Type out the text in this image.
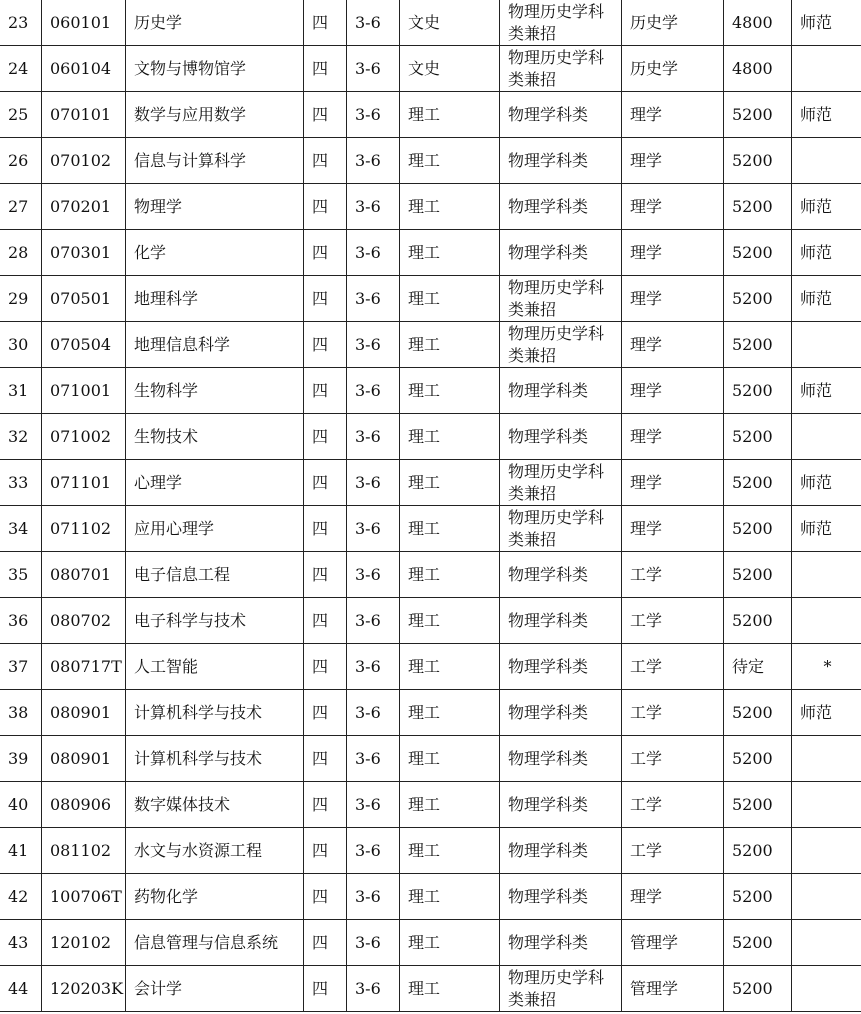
23	060101	历史学	四	3-6	文史	物理历史学科类兼招	历史学	4800	师范
24	060104	文物与博物馆学	四	3-6	文史	物理历史学科类兼招	历史学	4800	
25	070101	数学与应用数学	四	3-6	理工	物理学科类	理学	5200	师范
26	070102	信息与计算科学	四	3-6	理工	物理学科类	理学	5200	
27	070201	物理学	四	3-6	理工	物理学科类	理学	5200	师范
28	070301	化学	四	3-6	理工	物理学科类	理学	5200	师范
29	070501	地理科学	四	3-6	理工	物理历史学科类兼招	理学	5200	师范
30	070504	地理信息科学	四	3-6	理工	物理历史学科类兼招	理学	5200	
31	071001	生物科学	四	3-6	理工	物理学科类	理学	5200	师范
32	071002	生物技术	四	3-6	理工	物理学科类	理学	5200	
33	071101	心理学	四	3-6	理工	物理历史学科类兼招	理学	5200	师范
34	071102	应用心理学	四	3-6	理工	物理历史学科类兼招	理学	5200	师范
35	080701	电子信息工程	四	3-6	理工	物理学科类	工学	5200	
36	080702	电子科学与技术	四	3-6	理工	物理学科类	工学	5200	
37	080717T	人工智能	四	3-6	理工	物理学科类	工学	待定	*
38	080901	计算机科学与技术	四	3-6	理工	物理学科类	工学	5200	师范
39	080901	计算机科学与技术	四	3-6	理工	物理学科类	工学	5200	
40	080906	数字媒体技术	四	3-6	理工	物理学科类	工学	5200	
41	081102	水文与水资源工程	四	3-6	理工	物理学科类	工学	5200	
42	100706T	药物化学	四	3-6	理工	物理学科类	理学	5200	
43	120102	信息管理与信息系统	四	3-6	理工	物理学科类	管理学	5200	
44	120203K	会计学	四	3-6	理工	物理历史学科类兼招	管理学	5200	
